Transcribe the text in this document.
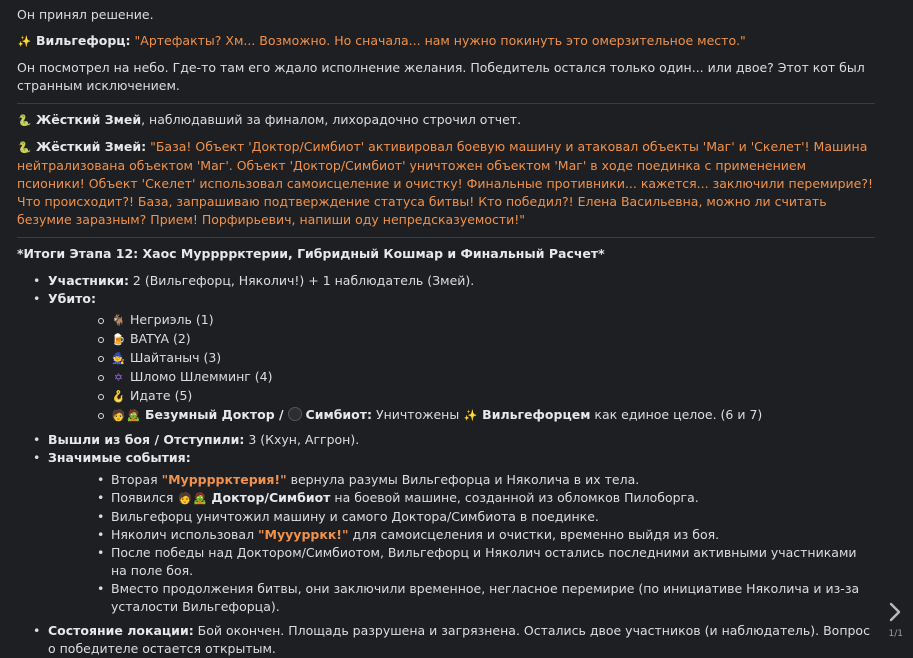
Он принял решение.

✨ Вильгефорц: "Артефакты? Хм... Возможно. Но сначала... нам нужно покинуть это омерзительное место."

Он посмотрел на небо. Где-то там его ждало исполнение желания. Победитель остался только один... или двое? Этот кот был странным исключением.

🐍 Жёсткий Змей, наблюдавший за финалом, лихорадочно строчил отчет.

🐍 Жёсткий Змей: "База! Объект 'Доктор/Симбиот' активировал боевую машину и атаковал объекты 'Маг' и 'Скелет'! Машина нейтрализована объектом 'Маг'. Объект 'Доктор/Симбиот' уничтожен объектом 'Маг' в ходе поединка с применением псионики! Объект 'Скелет' использовал самоисцеление и очистку! Финальные противники... кажется... заключили перемирие?! Что происходит?! База, запрашиваю подтверждение статуса битвы! Кто победил?! Елена Васильевна, можно ли считать безумие заразным? Прием! Порфирьевич, напиши оду непредсказуемости!"

*Итоги Этапа 12: Хаос Муррррктерии, Гибридный Кошмар и Финальный Расчет*

• Участники: 2 (Вильгефорц, Няколич!) + 1 наблюдатель (Змей).
• Убито:
🐐 Негриэль (1)
🍺 BATYA (2)
🧙 Шайтаныч (3)
✡ Шломо Шлемминг (4)
🪝 Идате (5)
🧑🧟 Безумный Доктор / Симбиот: Уничтожены ✨ Вильгефорцем как единое целое. (6 и 7)
• Вышли из боя / Отступили: 3 (Кхун, Аггрон).
• Значимые события:
• Вторая "Муррррктерия!" вернула разумы Вильгефорца и Няколича в их тела.
• Появился 🧑🧟 Доктор/Симбиот на боевой машине, созданной из обломков Пилоборга.
• Вильгефорц уничтожил машину и самого Доктора/Симбиота в поединке.
• Няколич использовал "Мууурркк!" для самоисцеления и очистки, временно выйдя из боя.
• После победы над Доктором/Симбиотом, Вильгефорц и Няколич остались последними активными участниками на поле боя.
• Вместо продолжения битвы, они заключили временное, негласное перемирие (по инициативе Няколича и из-за усталости Вильгефорца).
• Состояние локации: Бой окончен. Площадь разрушена и загрязнена. Остались двое участников (и наблюдатель). Вопрос о победителе остается открытым.
1/1
